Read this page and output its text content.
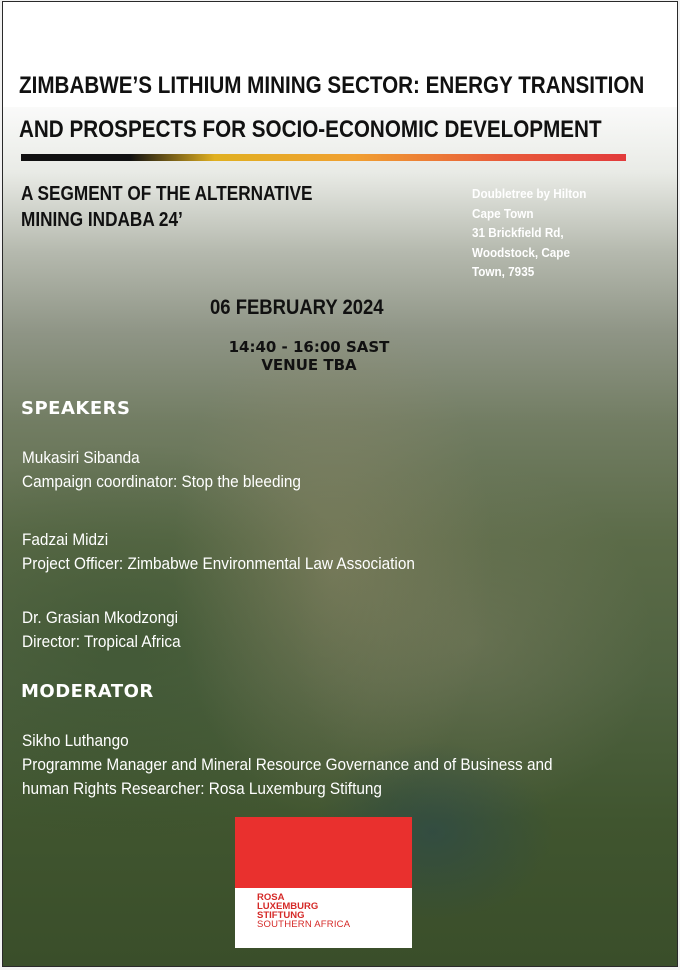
ZIMBABWE’S LITHIUM MINING SECTOR: ENERGY TRANSITION
AND PROSPECTS FOR SOCIO-ECONOMIC DEVELOPMENT
A SEGMENT OF THE ALTERNATIVE
MINING INDABA 24’
Doubletree by Hilton
Cape Town
31 Brickfield Rd,
Woodstock, Cape
Town, 7935
06 FEBRUARY 2024
14:40 - 16:00 SAST
VENUE TBA
SPEAKERS
Mukasiri Sibanda
Campaign coordinator: Stop the bleeding
Fadzai Midzi
Project Officer: Zimbabwe Environmental Law Association
Dr. Grasian Mkodzongi
Director: Tropical Africa
MODERATOR
Sikho Luthango
Programme Manager and Mineral Resource Governance and of Business and
human Rights Researcher: Rosa Luxemburg Stiftung
ROSA
LUXEMBURG
STIFTUNG
SOUTHERN AFRICA
